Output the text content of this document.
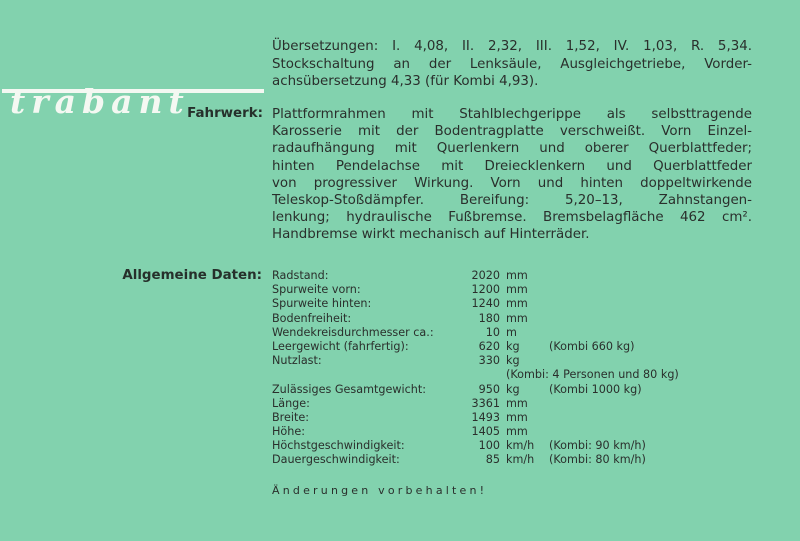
trabant
Übersetzungen: I. 4,08, II. 2,32, III. 1,52, IV. 1,03, R. 5,34.
Stockschaltung an der Lenksäule, Ausgleichgetriebe, Vorder-
achsübersetzung 4,33 (für Kombi 4,93).
Fahrwerk: Plattformrahmen mit Stahlblechgerippe als selbsttragende
Karosserie mit der Bodentragplatte verschweißt. Vorn Einzel-
radaufhängung mit Querlenkern und oberer Querblattfeder;
hinten Pendelachse mit Dreiecklenkern und Querblattfeder
von progressiver Wirkung. Vorn und hinten doppeltwirkende
Teleskop-Stoßdämpfer. Bereifung: 5,20–13, Zahnstangen-
lenkung; hydraulische Fußbremse. Bremsbelagfläche 462 cm².
Handbremse wirkt mechanisch auf Hinterräder.
Allgemeine Daten: Radstand:	2020 mm
Spurweite vorn:	1200 mm
Spurweite hinten:	1240 mm
Bodenfreiheit:	180 mm
Wendekreisdurchmesser ca.:	10 m
Leergewicht (fahrfertig):	620 kg	(Kombi 660 kg)
Nutzlast:	330 kg
(Kombi: 4 Personen und 80 kg)
Zulässiges Gesamtgewicht:	950 kg	(Kombi 1000 kg)
Länge:	3361 mm
Breite:	1493 mm
Höhe:	1405 mm
Höchstgeschwindigkeit:	100 km/h (Kombi: 90 km/h)
Dauergeschwindigkeit:	85 km/h (Kombi: 80 km/h)
Änderungen vorbehalten!
